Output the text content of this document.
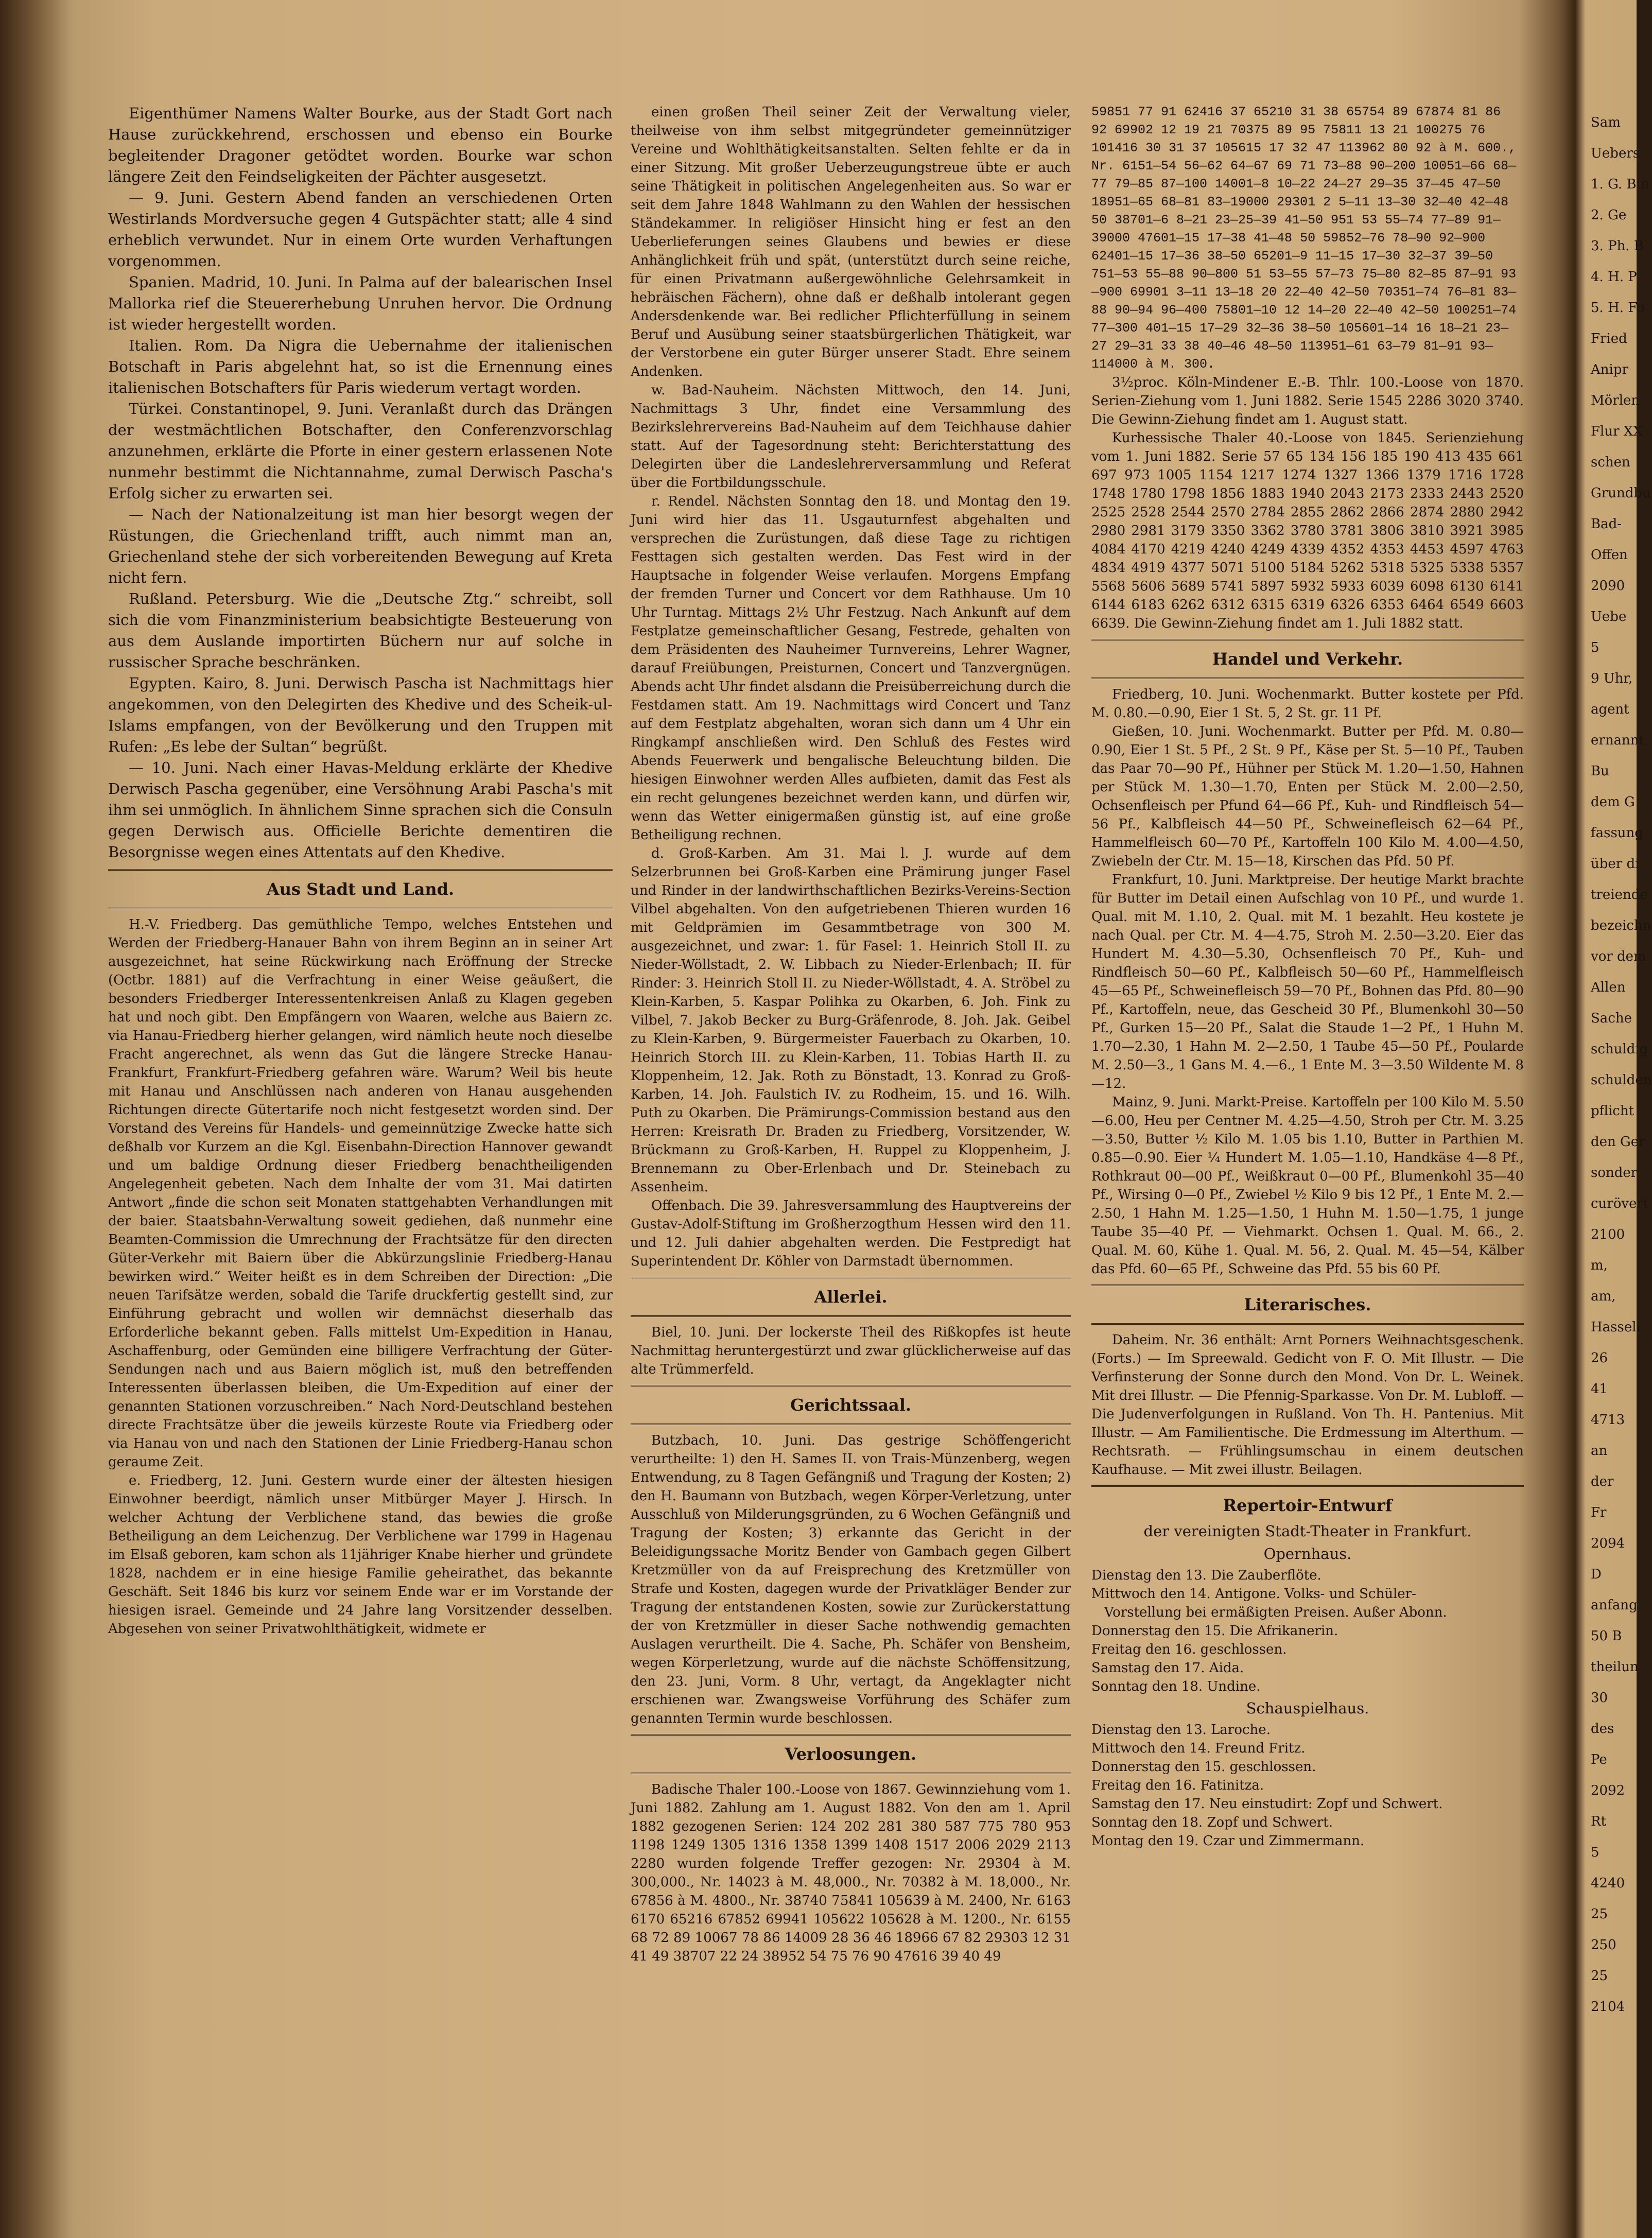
Eigenthümer Namens Walter Bourke, aus der Stadt Gort nach Hause zurückkehrend, erschossen und ebenso ein Bourke begleitender Dragoner getödtet worden. Bourke war schon längere Zeit den Feindseligkeiten der Pächter ausgesetzt.

— 9. Juni. Gestern Abend fanden an verschiedenen Orten Westirlands Mordversuche gegen 4 Gutspächter statt; alle 4 sind erheblich verwundet. Nur in einem Orte wurden Verhaftungen vorgenommen.

Spanien. Madrid, 10. Juni. In Palma auf der balearischen Insel Mallorka rief die Steuererhebung Unruhen hervor. Die Ordnung ist wieder hergestellt worden.

Italien. Rom. Da Nigra die Uebernahme der italienischen Botschaft in Paris abgelehnt hat, so ist die Ernennung eines italienischen Botschafters für Paris wiederum vertagt worden.

Türkei. Constantinopel, 9. Juni. Veranlaßt durch das Drängen der westmächtlichen Botschafter, den Conferenzvorschlag anzunehmen, erklärte die Pforte in einer gestern erlassenen Note nunmehr bestimmt die Nichtannahme, zumal Derwisch Pascha's Erfolg sicher zu erwarten sei.

— Nach der Nationalzeitung ist man hier besorgt wegen der Rüstungen, die Griechenland trifft, auch nimmt man an, Griechenland stehe der sich vorbereitenden Bewegung auf Kreta nicht fern.

Rußland. Petersburg. Wie die „Deutsche Ztg.“ schreibt, soll sich die vom Finanzministerium beabsichtigte Besteuerung von aus dem Auslande importirten Büchern nur auf solche in russischer Sprache beschränken.

Egypten. Kairo, 8. Juni. Derwisch Pascha ist Nachmittags hier angekommen, von den Delegirten des Khedive und des Scheik-ul-Islams empfangen, von der Bevölkerung und den Truppen mit Rufen: „Es lebe der Sultan“ begrüßt.

— 10. Juni. Nach einer Havas-Meldung erklärte der Khedive Derwisch Pascha gegenüber, eine Versöhnung Arabi Pascha's mit ihm sei unmöglich. In ähnlichem Sinne sprachen sich die Consuln gegen Derwisch aus. Officielle Berichte dementiren die Besorgnisse wegen eines Attentats auf den Khedive.

Aus Stadt und Land.

H.-V. Friedberg. Das gemüthliche Tempo, welches Entstehen und Werden der Friedberg-Hanauer Bahn von ihrem Beginn an in seiner Art ausgezeichnet, hat seine Rückwirkung nach Eröffnung der Strecke (Octbr. 1881) auf die Verfrachtung in einer Weise geäußert, die besonders Friedberger Interessentenkreisen Anlaß zu Klagen gegeben hat und noch gibt. Den Empfängern von Waaren, welche aus Baiern zc. via Hanau-Friedberg hierher gelangen, wird nämlich heute noch dieselbe Fracht angerechnet, als wenn das Gut die längere Strecke Hanau-Frankfurt, Frankfurt-Friedberg gefahren wäre. Warum? Weil bis heute mit Hanau und Anschlüssen nach anderen von Hanau ausgehenden Richtungen directe Gütertarife noch nicht festgesetzt worden sind. Der Vorstand des Vereins für Handels- und gemeinnützige Zwecke hatte sich deßhalb vor Kurzem an die Kgl. Eisenbahn-Direction Hannover gewandt und um baldige Ordnung dieser Friedberg benachtheiligenden Angelegenheit gebeten. Nach dem Inhalte der vom 31. Mai datirten Antwort „finde die schon seit Monaten stattgehabten Verhandlungen mit der baier. Staatsbahn-Verwaltung soweit gediehen, daß nunmehr eine Beamten-Commission die Umrechnung der Frachtsätze für den directen Güter-Verkehr mit Baiern über die Abkürzungslinie Friedberg-Hanau bewirken wird.“ Weiter heißt es in dem Schreiben der Direction: „Die neuen Tarifsätze werden, sobald die Tarife druckfertig gestellt sind, zur Einführung gebracht und wollen wir demnächst dieserhalb das Erforderliche bekannt geben. Falls mittelst Um-Expedition in Hanau, Aschaffenburg, oder Gemünden eine billigere Verfrachtung der Güter-Sendungen nach und aus Baiern möglich ist, muß den betreffenden Interessenten überlassen bleiben, die Um-Expedition auf einer der genannten Stationen vorzuschreiben.“ Nach Nord-Deutschland bestehen directe Frachtsätze über die jeweils kürzeste Route via Friedberg oder via Hanau von und nach den Stationen der Linie Friedberg-Hanau schon geraume Zeit.

e. Friedberg, 12. Juni. Gestern wurde einer der ältesten hiesigen Einwohner beerdigt, nämlich unser Mitbürger Mayer J. Hirsch. In welcher Achtung der Verblichene stand, das bewies die große Betheiligung an dem Leichenzug. Der Verblichene war 1799 in Hagenau im Elsaß geboren, kam schon als 11jähriger Knabe hierher und gründete 1828, nachdem er in eine hiesige Familie geheirathet, das bekannte Geschäft. Seit 1846 bis kurz vor seinem Ende war er im Vorstande der hiesigen israel. Gemeinde und 24 Jahre lang Vorsitzender desselben. Abgesehen von seiner Privatwohlthätigkeit, widmete er

einen großen Theil seiner Zeit der Verwaltung vieler, theilweise von ihm selbst mitgegründeter gemeinnütziger Vereine und Wohlthätigkeitsanstalten. Selten fehlte er da in einer Sitzung. Mit großer Ueberzeugungstreue übte er auch seine Thätigkeit in politischen Angelegenheiten aus. So war er seit dem Jahre 1848 Wahlmann zu den Wahlen der hessischen Ständekammer. In religiöser Hinsicht hing er fest an den Ueberlieferungen seines Glaubens und bewies er diese Anhänglichkeit früh und spät, (unterstützt durch seine reiche, für einen Privatmann außergewöhnliche Gelehrsamkeit in hebräischen Fächern), ohne daß er deßhalb intolerant gegen Andersdenkende war. Bei redlicher Pflichterfüllung in seinem Beruf und Ausübung seiner staatsbürgerlichen Thätigkeit, war der Verstorbene ein guter Bürger unserer Stadt. Ehre seinem Andenken.

w. Bad-Nauheim. Nächsten Mittwoch, den 14. Juni, Nachmittags 3 Uhr, findet eine Versammlung des Bezirkslehrervereins Bad-Nauheim auf dem Teichhause dahier statt. Auf der Tagesordnung steht: Berichterstattung des Delegirten über die Landeslehrerversammlung und Referat über die Fortbildungsschule.

r. Rendel. Nächsten Sonntag den 18. und Montag den 19. Juni wird hier das 11. Usgauturnfest abgehalten und versprechen die Zurüstungen, daß diese Tage zu richtigen Festtagen sich gestalten werden. Das Fest wird in der Hauptsache in folgender Weise verlaufen. Morgens Empfang der fremden Turner und Concert vor dem Rathhause. Um 10 Uhr Turntag. Mittags 2½ Uhr Festzug. Nach Ankunft auf dem Festplatze gemeinschaftlicher Gesang, Festrede, gehalten von dem Präsidenten des Nauheimer Turnvereins, Lehrer Wagner, darauf Freiübungen, Preisturnen, Concert und Tanzvergnügen. Abends acht Uhr findet alsdann die Preisüberreichung durch die Festdamen statt. Am 19. Nachmittags wird Concert und Tanz auf dem Festplatz abgehalten, woran sich dann um 4 Uhr ein Ringkampf anschließen wird. Den Schluß des Festes wird Abends Feuerwerk und bengalische Beleuchtung bilden. Die hiesigen Einwohner werden Alles aufbieten, damit das Fest als ein recht gelungenes bezeichnet werden kann, und dürfen wir, wenn das Wetter einigermaßen günstig ist, auf eine große Betheiligung rechnen.

d. Groß-Karben. Am 31. Mai l. J. wurde auf dem Selzerbrunnen bei Groß-Karben eine Prämirung junger Fasel und Rinder in der landwirthschaftlichen Bezirks-Vereins-Section Vilbel abgehalten. Von den aufgetriebenen Thieren wurden 16 mit Geldprämien im Gesammtbetrage von 300 M. ausgezeichnet, und zwar: 1. für Fasel: 1. Heinrich Stoll II. zu Nieder-Wöllstadt, 2. W. Libbach zu Nieder-Erlenbach; II. für Rinder: 3. Heinrich Stoll II. zu Nieder-Wöllstadt, 4. A. Ströbel zu Klein-Karben, 5. Kaspar Polihka zu Okarben, 6. Joh. Fink zu Vilbel, 7. Jakob Becker zu Burg-Gräfenrode, 8. Joh. Jak. Geibel zu Klein-Karben, 9. Bürgermeister Fauerbach zu Okarben, 10. Heinrich Storch III. zu Klein-Karben, 11. Tobias Harth II. zu Kloppenheim, 12. Jak. Roth zu Bönstadt, 13. Konrad zu Groß-Karben, 14. Joh. Faulstich IV. zu Rodheim, 15. und 16. Wilh. Puth zu Okarben. Die Prämirungs-Commission bestand aus den Herren: Kreisrath Dr. Braden zu Friedberg, Vorsitzender, W. Brückmann zu Groß-Karben, H. Ruppel zu Kloppenheim, J. Brennemann zu Ober-Erlenbach und Dr. Steinebach zu Assenheim.

Offenbach. Die 39. Jahresversammlung des Hauptvereins der Gustav-Adolf-Stiftung im Großherzogthum Hessen wird den 11. und 12. Juli dahier abgehalten werden. Die Festpredigt hat Superintendent Dr. Köhler von Darmstadt übernommen.

Allerlei.

Biel, 10. Juni. Der lockerste Theil des Rißkopfes ist heute Nachmittag heruntergestürzt und zwar glücklicherweise auf das alte Trümmerfeld.

Gerichtssaal.

Butzbach, 10. Juni. Das gestrige Schöffengericht verurtheilte: 1) den H. Sames II. von Trais-Münzenberg, wegen Entwendung, zu 8 Tagen Gefängniß und Tragung der Kosten; 2) den H. Baumann von Butzbach, wegen Körper-Verletzung, unter Ausschluß von Milderungsgründen, zu 6 Wochen Gefängniß und Tragung der Kosten; 3) erkannte das Gericht in der Beleidigungssache Moritz Bender von Gambach gegen Gilbert Kretzmüller von da auf Freisprechung des Kretzmüller von Strafe und Kosten, dagegen wurde der Privatkläger Bender zur Tragung der entstandenen Kosten, sowie zur Zurückerstattung der von Kretzmüller in dieser Sache nothwendig gemachten Auslagen verurtheilt. Die 4. Sache, Ph. Schäfer von Bensheim, wegen Körperletzung, wurde auf die nächste Schöffensitzung, den 23. Juni, Vorm. 8 Uhr, vertagt, da Angeklagter nicht erschienen war. Zwangsweise Vorführung des Schäfer zum genannten Termin wurde beschlossen.

Verloosungen.

Badische Thaler 100.-Loose von 1867. Gewinnziehung vom 1. Juni 1882. Zahlung am 1. August 1882. Von den am 1. April 1882 gezogenen Serien: 124 202 281 380 587 775 780 953 1198 1249 1305 1316 1358 1399 1408 1517 2006 2029 2113 2280 wurden folgende Treffer gezogen: Nr. 29304 à M. 300,000., Nr. 14023 à M. 48,000., Nr. 70382 à M. 18,000., Nr. 67856 à M. 4800., Nr. 38740 75841 105639 à M. 2400, Nr. 6163 6170 65216 67852 69941 105622 105628 à M. 1200., Nr. 6155 68 72 89 10067 78 86 14009 28 36 46 18966 67 82 29303 12 31 41 49 38707 22 24 38952 54 75 76 90 47616 39 40 49

59851 77 91 62416 37 65210 31 38 65754 89 67874 81 86 92 69902 12 19 21 70375 89 95 75811 13 21 100275 76 101416 30 31 37 105615 17 32 47 113962 80 92 à M. 600., Nr. 6151—54 56—62 64—67 69 71 73—88 90—200 10051—66 68—77 79—85 87—100 14001—8 10—22 24—27 29—35 37—45 47—50 18951—65 68—81 83—19000 29301 2 5—11 13—30 32—40 42—48 50 38701—6 8—21 23—25—39 41—50 951 53 55—74 77—89 91—39000 47601—15 17—38 41—48 50 59852—76 78—90 92—900 62401—15 17—36 38—50 65201—9 11—15 17—30 32—37 39—50 751—53 55—88 90—800 51 53—55 57—73 75—80 82—85 87—91 93—900 69901 3—11 13—18 20 22—40 42—50 70351—74 76—81 83—88 90—94 96—400 75801—10 12 14—20 22—40 42—50 100251—74 77—300 401—15 17—29 32—36 38—50 105601—14 16 18—21 23—27 29—31 33 38 40—46 48—50 113951—61 63—79 81—91 93—114000 à M. 300.

3½proc. Köln-Mindener E.-B. Thlr. 100.-Loose von 1870. Serien-Ziehung vom 1. Juni 1882. Serie 1545 2286 3020 3740. Die Gewinn-Ziehung findet am 1. August statt.

Kurhessische Thaler 40.-Loose von 1845. Serienziehung vom 1. Juni 1882. Serie 57 65 134 156 185 190 413 435 661 697 973 1005 1154 1217 1274 1327 1366 1379 1716 1728 1748 1780 1798 1856 1883 1940 2043 2173 2333 2443 2520 2525 2528 2544 2570 2784 2855 2862 2866 2874 2880 2942 2980 2981 3179 3350 3362 3780 3781 3806 3810 3921 3985 4084 4170 4219 4240 4249 4339 4352 4353 4453 4597 4763 4834 4919 4377 5071 5100 5184 5262 5318 5325 5338 5357 5568 5606 5689 5741 5897 5932 5933 6039 6098 6130 6141 6144 6183 6262 6312 6315 6319 6326 6353 6464 6549 6603 6639. Die Gewinn-Ziehung findet am 1. Juli 1882 statt.

Handel und Verkehr.

Friedberg, 10. Juni. Wochenmarkt. Butter kostete per Pfd. M. 0.80.—0.90, Eier 1 St. 5, 2 St. gr. 11 Pf.

Gießen, 10. Juni. Wochenmarkt. Butter per Pfd. M. 0.80—0.90, Eier 1 St. 5 Pf., 2 St. 9 Pf., Käse per St. 5—10 Pf., Tauben das Paar 70—90 Pf., Hühner per Stück M. 1.20—1.50, Hahnen per Stück M. 1.30—1.70, Enten per Stück M. 2.00—2.50, Ochsenfleisch per Pfund 64—66 Pf., Kuh- und Rindfleisch 54—56 Pf., Kalbfleisch 44—50 Pf., Schweinefleisch 62—64 Pf., Hammelfleisch 60—70 Pf., Kartoffeln 100 Kilo M. 4.00—4.50, Zwiebeln der Ctr. M. 15—18, Kirschen das Pfd. 50 Pf.

Frankfurt, 10. Juni. Marktpreise. Der heutige Markt brachte für Butter im Detail einen Aufschlag von 10 Pf., und wurde 1. Qual. mit M. 1.10, 2. Qual. mit M. 1 bezahlt. Heu kostete je nach Qual. per Ctr. M. 4—4.75, Stroh M. 2.50—3.20. Eier das Hundert M. 4.30—5.30, Ochsenfleisch 70 Pf., Kuh- und Rindfleisch 50—60 Pf., Kalbfleisch 50—60 Pf., Hammelfleisch 45—65 Pf., Schweinefleisch 59—70 Pf., Bohnen das Pfd. 80—90 Pf., Kartoffeln, neue, das Gescheid 30 Pf., Blumenkohl 30—50 Pf., Gurken 15—20 Pf., Salat die Staude 1—2 Pf., 1 Huhn M. 1.70—2.30, 1 Hahn M. 2—2.50, 1 Taube 45—50 Pf., Poularde M. 2.50—3., 1 Gans M. 4.—6., 1 Ente M. 3—3.50 Wildente M. 8—12.

Mainz, 9. Juni. Markt-Preise. Kartoffeln per 100 Kilo M. 5.50—6.00, Heu per Centner M. 4.25—4.50, Stroh per Ctr. M. 3.25—3.50, Butter ½ Kilo M. 1.05 bis 1.10, Butter in Parthien M. 0.85—0.90. Eier ¼ Hundert M. 1.05—1.10, Handkäse 4—8 Pf., Rothkraut 00—00 Pf., Weißkraut 0—00 Pf., Blumenkohl 35—40 Pf., Wirsing 0—0 Pf., Zwiebel ½ Kilo 9 bis 12 Pf., 1 Ente M. 2.—2.50, 1 Hahn M. 1.25—1.50, 1 Huhn M. 1.50—1.75, 1 junge Taube 35—40 Pf. — Viehmarkt. Ochsen 1. Qual. M. 66., 2. Qual. M. 60, Kühe 1. Qual. M. 56, 2. Qual. M. 45—54, Kälber das Pfd. 60—65 Pf., Schweine das Pfd. 55 bis 60 Pf.

Literarisches.

Daheim. Nr. 36 enthält: Arnt Porners Weihnachtsgeschenk. (Forts.) — Im Spreewald. Gedicht von F. O. Mit Illustr. — Die Verfinsterung der Sonne durch den Mond. Von Dr. L. Weinek. Mit drei Illustr. — Die Pfennig-Sparkasse. Von Dr. M. Lubloff. — Die Judenverfolgungen in Rußland. Von Th. H. Pantenius. Mit Illustr. — Am Familientische. Die Erdmessung im Alterthum. — Rechtsrath. — Frühlingsumschau in einem deutschen Kaufhause. — Mit zwei illustr. Beilagen.

Repertoir-Entwurf
der vereinigten Stadt-Theater in Frankfurt.
Opernhaus.
Dienstag den 13. Die Zauberflöte.
Mittwoch den 14. Antigone. Volks- und Schüler-
Vorstellung bei ermäßigten Preisen. Außer Abonn.
Donnerstag den 15. Die Afrikanerin.
Freitag den 16. geschlossen.
Samstag den 17. Aida.
Sonntag den 18. Undine.
Schauspielhaus.
Dienstag den 13. Laroche.
Mittwoch den 14. Freund Fritz.
Donnerstag den 15. geschlossen.
Freitag den 16. Fatinitza.
Samstag den 17. Neu einstudirt: Zopf und Schwert.
Sonntag den 18. Zopf und Schwert.
Montag den 19. Czar und Zimmermann.
Sam
Uebers
1. G. Bin
2. Ge
3. Ph. B
4. H. P
5. H. Fo
Fried
Anipr
Mörlen
Flur XX
schen
Grundbu
Bad-
Offen
2090
Uebe
5
9 Uhr,
agent
ernannt
Bu
dem G
fassung
über di
treiende
bezeichn
vor dem
Allen
Sache
schuldig
schulden
pflicht
den Ger
sonder
curövert
2100
m,
am,
Hasseli
26
41
4713
an
der
Fr
2094
D
anfang
50 B
theilun
30
des
Pe
2092
Rt
5
4240
25
250
25
2104
